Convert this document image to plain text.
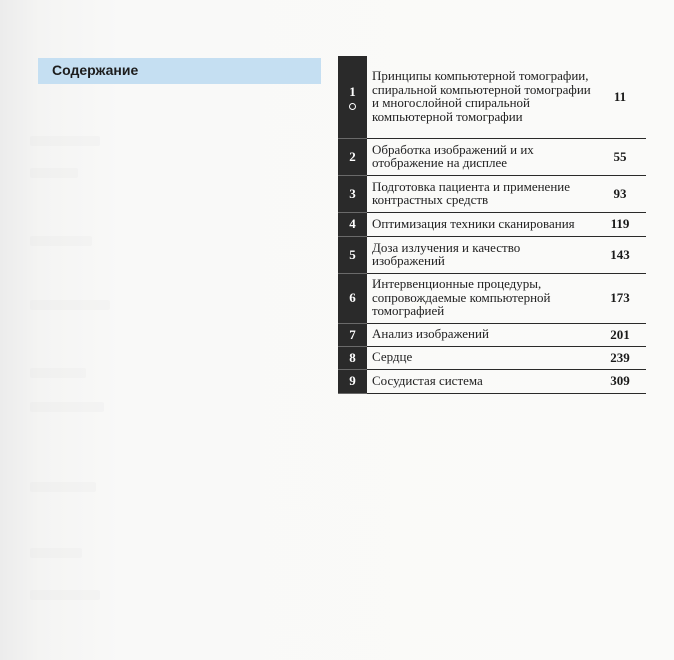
Содержание
1	Принципы компьютерной томографии, спиральной компьютерной томографии и многослойной спиральной компьютерной томографии	11
2	Обработка изображений и их отображение на дисплее	55
3	Подготовка пациента и применение контрастных средств	93
4	Оптимизация техники сканирования	119
5	Доза излучения и качество изображений	143
6	Интервенционные процедуры, сопровождаемые компьютерной томографией	173
7	Анализ изображений	201
8	Сердце	239
9	Сосудистая система	309
